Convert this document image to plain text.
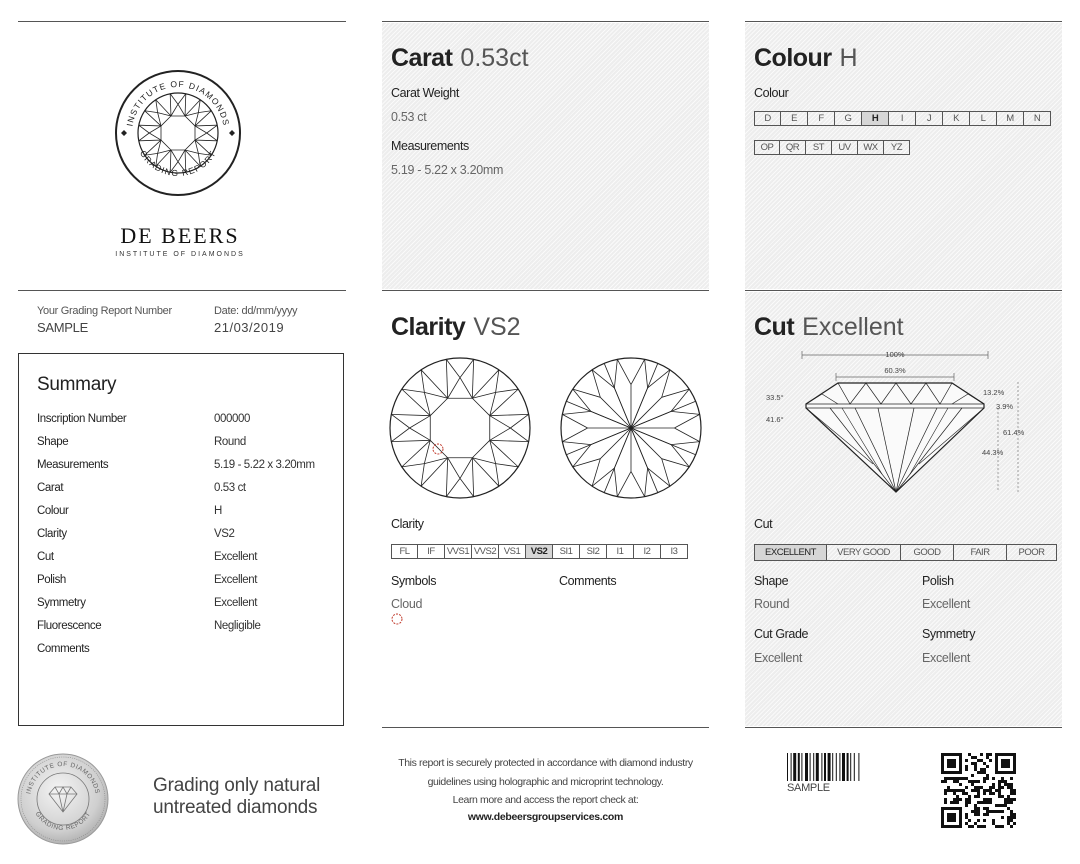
INSTITUTE OF DIAMONDS
GRADING REPORT
DE BEERS
INSTITUTE OF DIAMONDS
Your Grading Report Number
SAMPLE
Date: dd/mm/yyyy
21/03/2019
Summary
Inscription Number	000000
Shape	Round
Measurements	5.19 - 5.22 x 3.20mm
Carat	0.53 ct
Colour	H
Clarity	VS2
Cut	Excellent
Polish	Excellent
Symmetry	Excellent
Fluorescence	Negligible
Comments
Carat 0.53ct
Carat Weight
0.53 ct
Measurements
5.19 - 5.22 x 3.20mm
Colour H
Colour
D	E	F	G	H	I	J	K	L	M	N
OP	QR	ST	UV	WX	YZ
Clarity VS2
Clarity
FL	IF	VVS1 VVS2 VS1	VS2	SI1	SI2	I1	I2	I3
Symbols
Cloud
Comments
Cut Excellent
100%
60.3%
33.5°
41.6°
13.2%
3.9%
61.4%
44.3%
Cut
EXCELLENT	VERY GOOD	GOOD	FAIR	POOR
Shape
Round
Polish
Excellent
Cut Grade
Excellent
Symmetry
Excellent
INSTITUTE OF DIAMONDS
GRADING REPORT
Grading only natural
untreated diamonds
This report is securely protected in accordance with diamond industry
guidelines using holographic and microprint technology.
Learn more and access the report check at:
www.debeersgroupservices.com
SAMPLE
